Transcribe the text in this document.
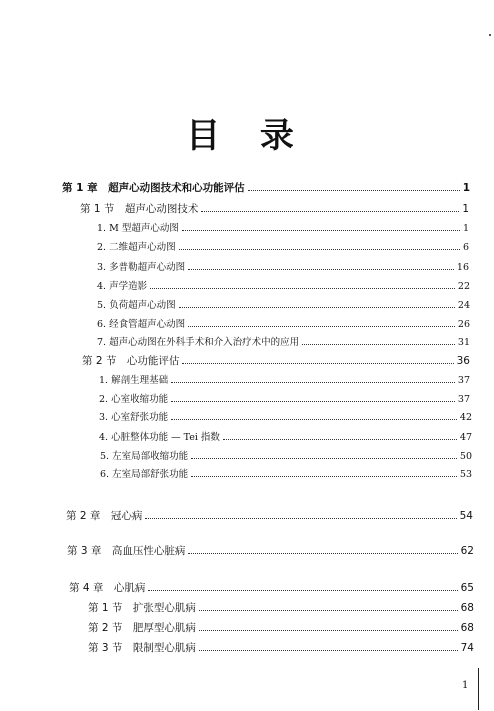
目 录
第 1 章　超声心动图技术和心功能评估	1
第 1 节　超声心动图技术	1
1. M 型超声心动图	1
2. 二维超声心动图	6
3. 多普勒超声心动图	16
4. 声学造影	22
5. 负荷超声心动图	24
6. 经食管超声心动图	26
7. 超声心动图在外科手术和介入治疗术中的应用	31
第 2 节　心功能评估	36
1. 解剖生理基础	37
2. 心室收缩功能	37
3. 心室舒张功能	42
4. 心脏整体功能 — Tei 指数	47
5. 左室局部收缩功能	50
6. 左室局部舒张功能	53
第 2 章　冠心病	54
第 3 章　高血压性心脏病	62
第 4 章　心肌病	65
第 1 节　扩张型心肌病	68
第 2 节　肥厚型心肌病	68
第 3 节　限制型心肌病	74
1
